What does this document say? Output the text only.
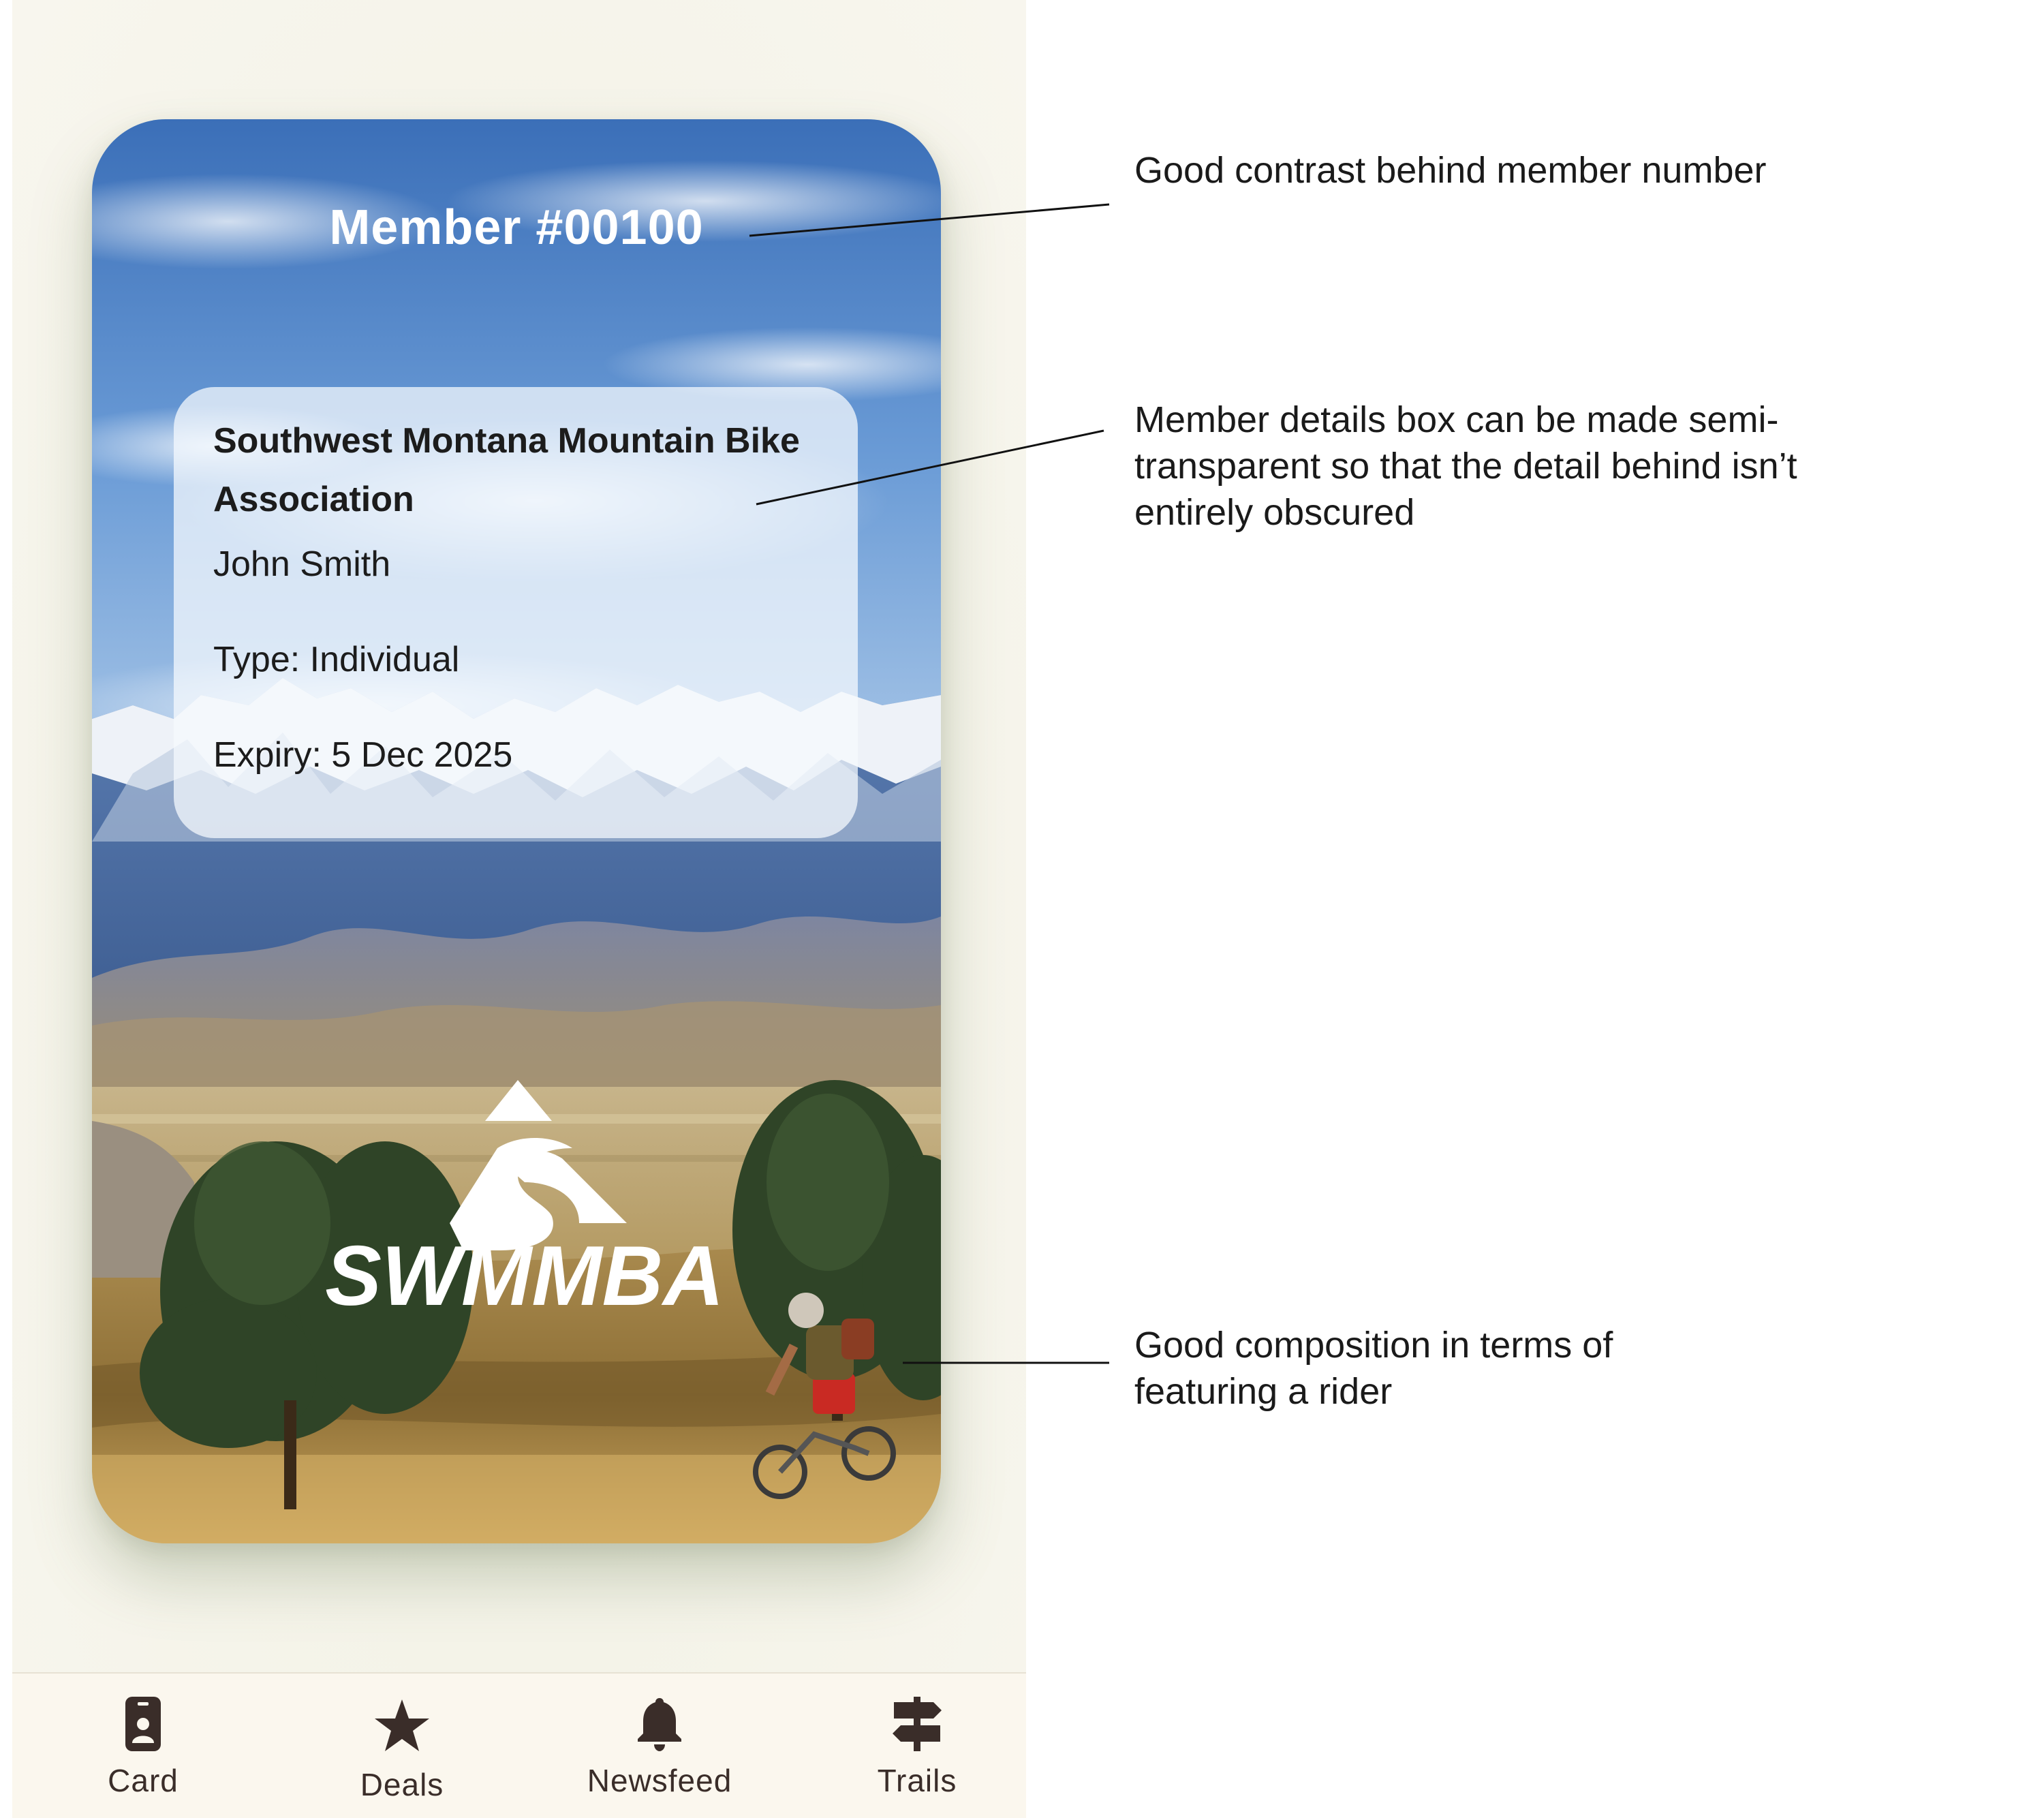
Member #00100

Southwest Montana Mountain Bike Association

John Smith

Type: Individual

Expiry: 5 Dec 2025

SWMMBA
Card	Deals	Newsfeed	Trails

Good contrast behind member number

Member details box can be made semi-transparent so that the detail behind isn’t entirely obscured

Good composition in terms of featuring a rider
